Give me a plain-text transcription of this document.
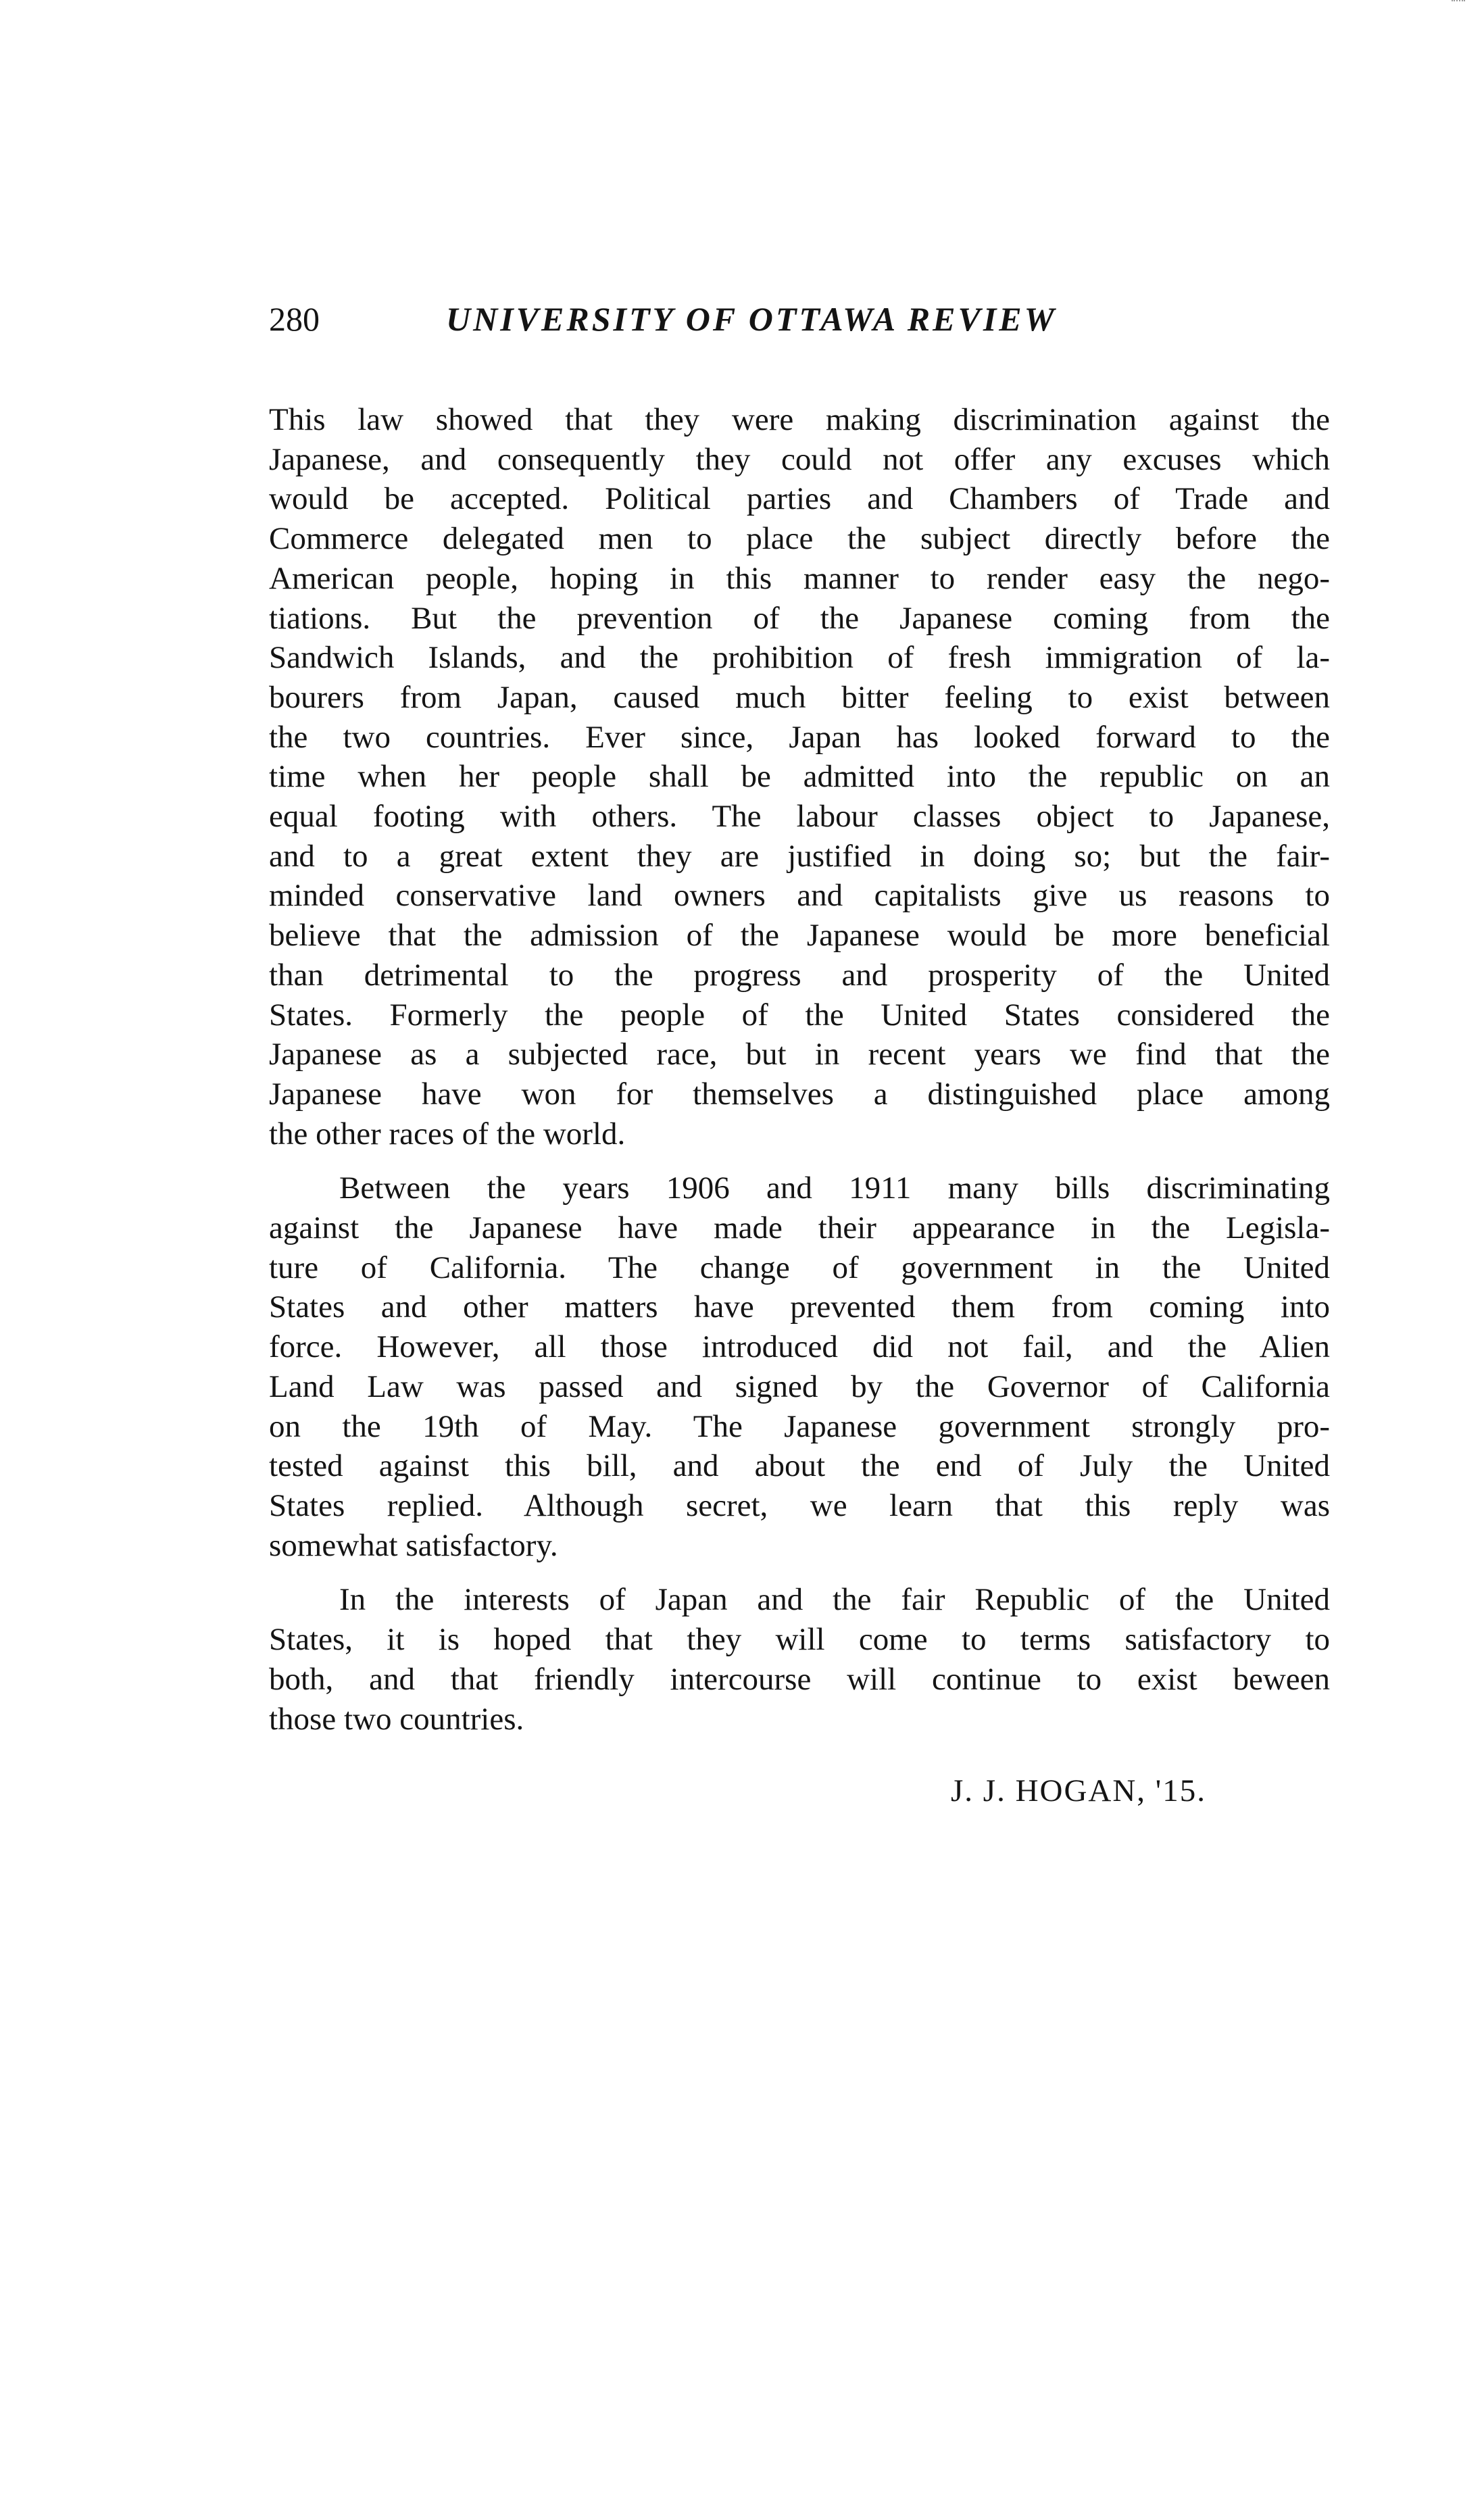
280	UNIVERSITY OF OTTAWA REVIEW

This law showed that they were making discrimination against the
Japanese, and consequently they could not offer any excuses which
would be accepted. Political parties and Chambers of Trade and
Commerce delegated men to place the subject directly before the
American people, hoping in this manner to render easy the nego-
tiations. But the prevention of the Japanese coming from the
Sandwich Islands, and the prohibition of fresh immigration of la-
bourers from Japan, caused much bitter feeling to exist between
the two countries. Ever since, Japan has looked forward to the
time when her people shall be admitted into the republic on an
equal footing with others. The labour classes object to Japanese,
and to a great extent they are justified in doing so; but the fair-
minded conservative land owners and capitalists give us reasons to
believe that the admission of the Japanese would be more beneficial
than detrimental to the progress and prosperity of the United
States. Formerly the people of the United States considered the
Japanese as a subjected race, but in recent years we find that the
Japanese have won for themselves a distinguished place among
the other races of the world.

Between the years 1906 and 1911 many bills discriminating
against the Japanese have made their appearance in the Legisla-
ture of California. The change of government in the United
States and other matters have prevented them from coming into
force. However, all those introduced did not fail, and the Alien
Land Law was passed and signed by the Governor of California
on the 19th of May. The Japanese government strongly pro-
tested against this bill, and about the end of July the United
States replied. Although secret, we learn that this reply was
somewhat satisfactory.

In the interests of Japan and the fair Republic of the United
States, it is hoped that they will come to terms satisfactory to
both, and that friendly intercourse will continue to exist beween
those two countries.

J. J. HOGAN, '15.
